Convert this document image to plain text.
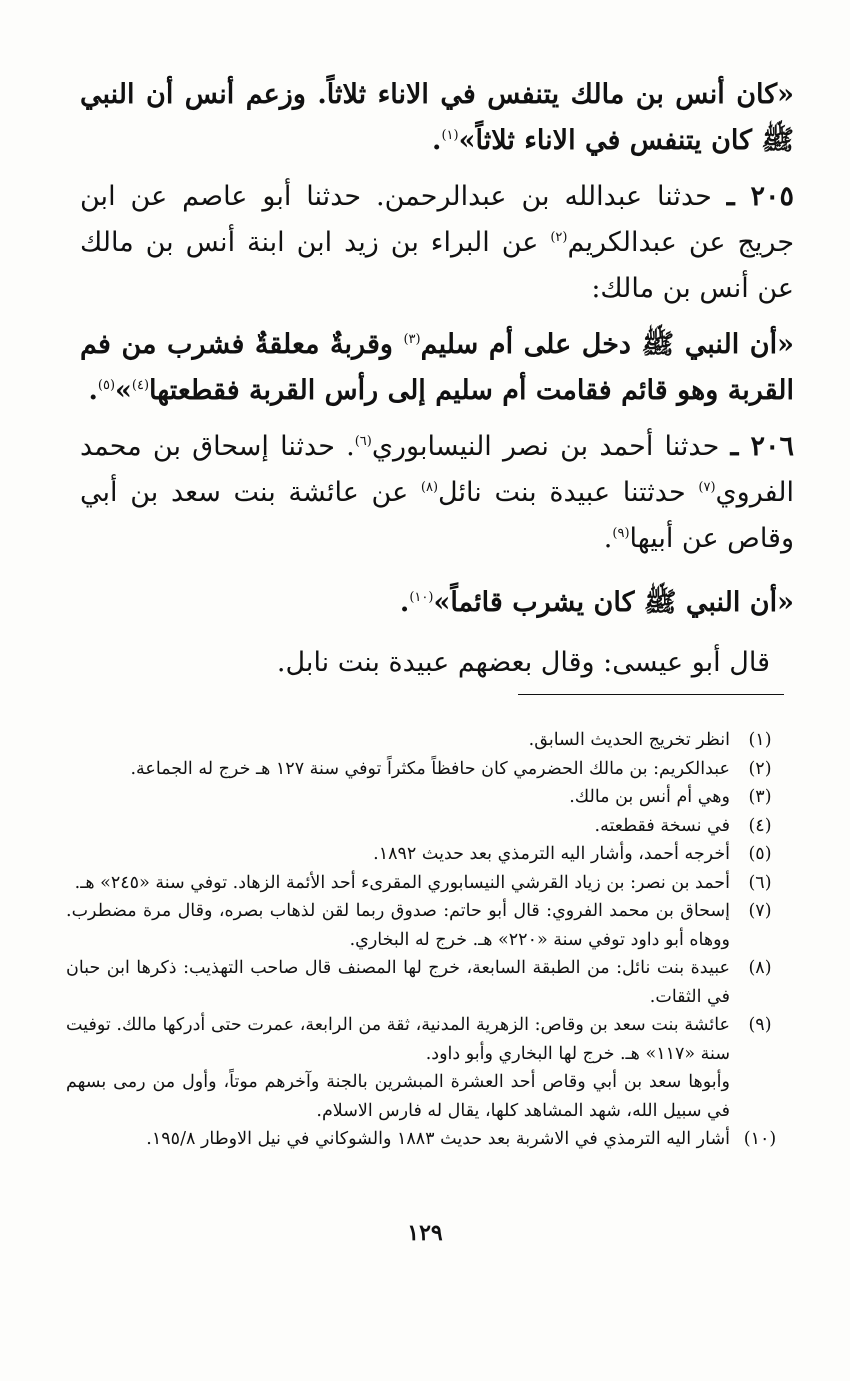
«كان أنس بن مالك يتنفس في الاناء ثلاثاً. وزعم أنس أن النبي ﷺ كان يتنفس في الاناء ثلاثاً»$^{(١)}$.

٢٠٥ ـ حدثنا عبدالله بن عبدالرحمن. حدثنا أبو عاصم عن ابن جريج عن عبدالكريم$^{(٢)}$ عن البراء بن زيد ابن ابنة أنس بن مالك عن أنس بن مالك:

«أن النبي ﷺ دخل على أم سليم$^{(٣)}$ وقربةٌ معلقةٌ فشرب من فم القربة وهو قائم فقامت أم سليم إلى رأس القربة فقطعتها$^{(٤)}$»$^{(٥)}$.

٢٠٦ ـ حدثنا أحمد بن نصر النيسابوري$^{(٦)}$. حدثنا إسحاق بن محمد الفروي$^{(٧)}$ حدثتنا عبيدة بنت نائل$^{(٨)}$ عن عائشة بنت سعد بن أبي وقاص عن أبيها$^{(٩)}$.

«أن النبي ﷺ كان يشرب قائماً»$^{(١٠)}$.

قال أبو عيسى: وقال بعضهم عبيدة بنت نابل.

(١)
انظر تخريج الحديث السابق.
(٢)
عبدالكريم: بن مالك الحضرمي كان حافظاً مكثراً توفي سنة ١٢٧ هـ خرج له الجماعة.
(٣)
وهي أم أنس بن مالك.
(٤)
في نسخة فقطعته.
(٥)
أخرجه أحمد، وأشار اليه الترمذي بعد حديث ١٨٩٢.
(٦)
أحمد بن نصر: بن زياد القرشي النيسابوري المقرىء أحد الأئمة الزهاد. توفي سنة «٢٤٥» هـ.
(٧)
إسحاق بن محمد الفروي: قال أبو حاتم: صدوق ربما لقن لذهاب بصره، وقال مرة مضطرب. ووهاه أبو داود توفي سنة «٢٢٠» هـ. خرج له البخاري.
(٨)
عبيدة بنت نائل: من الطبقة السابعة، خرج لها المصنف قال صاحب التهذيب: ذكرها ابن حبان في الثقات.
(٩)
عائشة بنت سعد بن وقاص: الزهرية المدنية، ثقة من الرابعة، عمرت حتى أدركها مالك. توفيت سنة «١١٧» هـ. خرج لها البخاري وأبو داود.
وأبوها سعد بن أبي وقاص أحد العشرة المبشرين بالجنة وآخرهم موتاً، وأول من رمى بسهم في سبيل الله، شهد المشاهد كلها، يقال له فارس الاسلام.
(١٠)
أشار اليه الترمذي في الاشربة بعد حديث ١٨٨٣ والشوكاني في نيل الاوطار ١٩٥/٨.
١٢٩
